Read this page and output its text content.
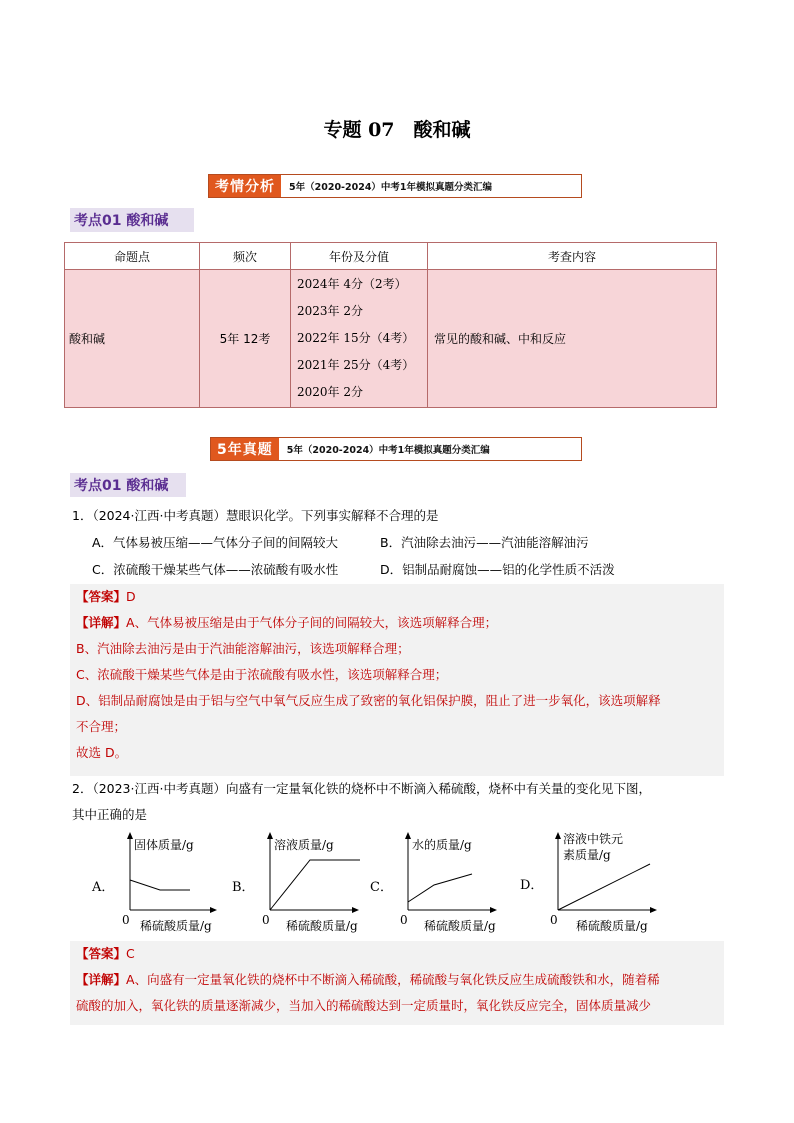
专题 07　酸和碱
考情分析	5年（2020-2024）中考1年模拟真题分类汇编
考点01 酸和碱
命题点	频次	年份及分值	考查内容
酸和碱	5年 12考	2024年 4分（2考）
2023年 2分
2022年 15分（4考）
2021年 25分（4考）
2020年 2分	常见的酸和碱、中和反应
5年真题	5年（2020-2024）中考1年模拟真题分类汇编
考点01 酸和碱
1．（2024·江西·中考真题）慧眼识化学。下列事实解释不合理的是
A．气体易被压缩——气体分子间的间隔较大	B．汽油除去油污——汽油能溶解油污
C．浓硫酸干燥某些气体——浓硫酸有吸水性	D．铝制品耐腐蚀——铝的化学性质不活泼
【答案】D
【详解】A、气体易被压缩是由于气体分子间的间隔较大，该选项解释合理；
B、汽油除去油污是由于汽油能溶解油污，该选项解释合理；
C、浓硫酸干燥某些气体是由于浓硫酸有吸水性，该选项解释合理；
D、铝制品耐腐蚀是由于铝与空气中氧气反应生成了致密的氧化铝保护膜，阻止了进一步氧化，该选项解释
不合理；
故选 D。
2．（2023·江西·中考真题）向盛有一定量氧化铁的烧杯中不断滴入稀硫酸，烧杯中有关量的变化见下图，
其中正确的是
A．
固体质量/g
0 稀硫酸质量/g
B．
溶液质量/g
0 稀硫酸质量/g
C．
水的质量/g
0 稀硫酸质量/g
D．
溶液中铁元
素质量/g
0 稀硫酸质量/g
【答案】C
【详解】A、向盛有一定量氧化铁的烧杯中不断滴入稀硫酸，稀硫酸与氧化铁反应生成硫酸铁和水，随着稀
硫酸的加入，氧化铁的质量逐渐减少，当加入的稀硫酸达到一定质量时，氧化铁反应完全，固体质量减少
